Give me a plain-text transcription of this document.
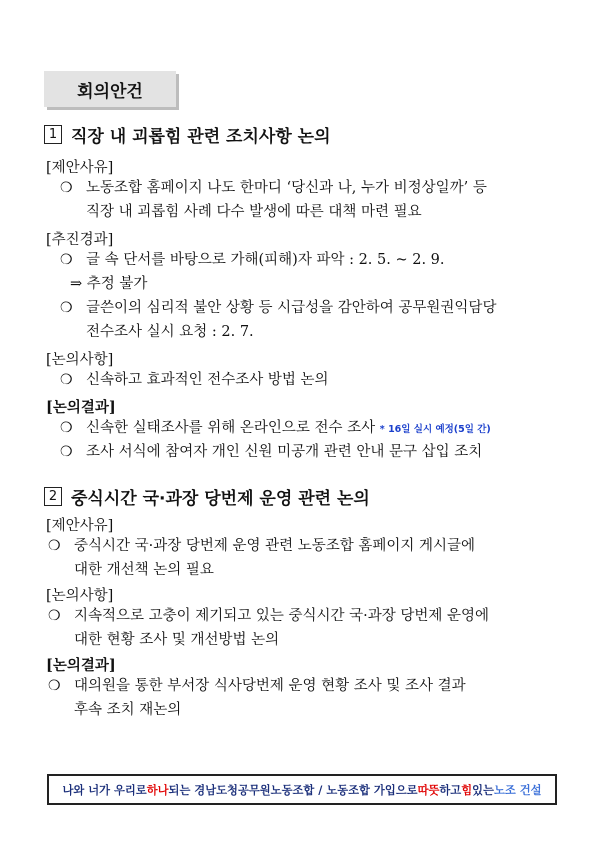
회의안건
1 직장 내 괴롭힘 관련 조치사항 논의
[제안사유]
❍ 노동조합 홈페이지 나도 한마디 ‘당신과 나, 누가 비정상일까’ 등
직장 내 괴롭힘 사례 다수 발생에 따른 대책 마련 필요
[추진경과]
❍ 글 속 단서를 바탕으로 가해(피해)자 파악 : 2. 5. ~ 2. 9.
⇒ 추정 불가
❍ 글쓴이의 심리적 불안 상황 등 시급성을 감안하여 공무원권익담당
전수조사 실시 요청 : 2. 7.
[논의사항]
❍ 신속하고 효과적인 전수조사 방법 논의
[논의결과]
❍ 신속한 실태조사를 위해 온라인으로 전수 조사 * 16일 실시 예정(5일 간)
❍ 조사 서식에 참여자 개인 신원 미공개 관련 안내 문구 삽입 조치
2 중식시간 국·과장 당번제 운영 관련 논의
[제안사유]
❍ 중식시간 국·과장 당번제 운영 관련 노동조합 홈페이지 게시글에
대한 개선책 논의 필요
[논의사항]
❍ 지속적으로 고충이 제기되고 있는 중식시간 국·과장 당번제 운영에
대한 현황 조사 및 개선방법 논의
[논의결과]
❍ 대의원을 통한 부서장 식사당번제 운영 현황 조사 및 조사 결과
후속 조치 재논의
나와 너가 우리로 하나 되는 경남도청공무원노동조합 / 노동조합 가입으로 따뜻 하고 힘 있는 노조 건설
